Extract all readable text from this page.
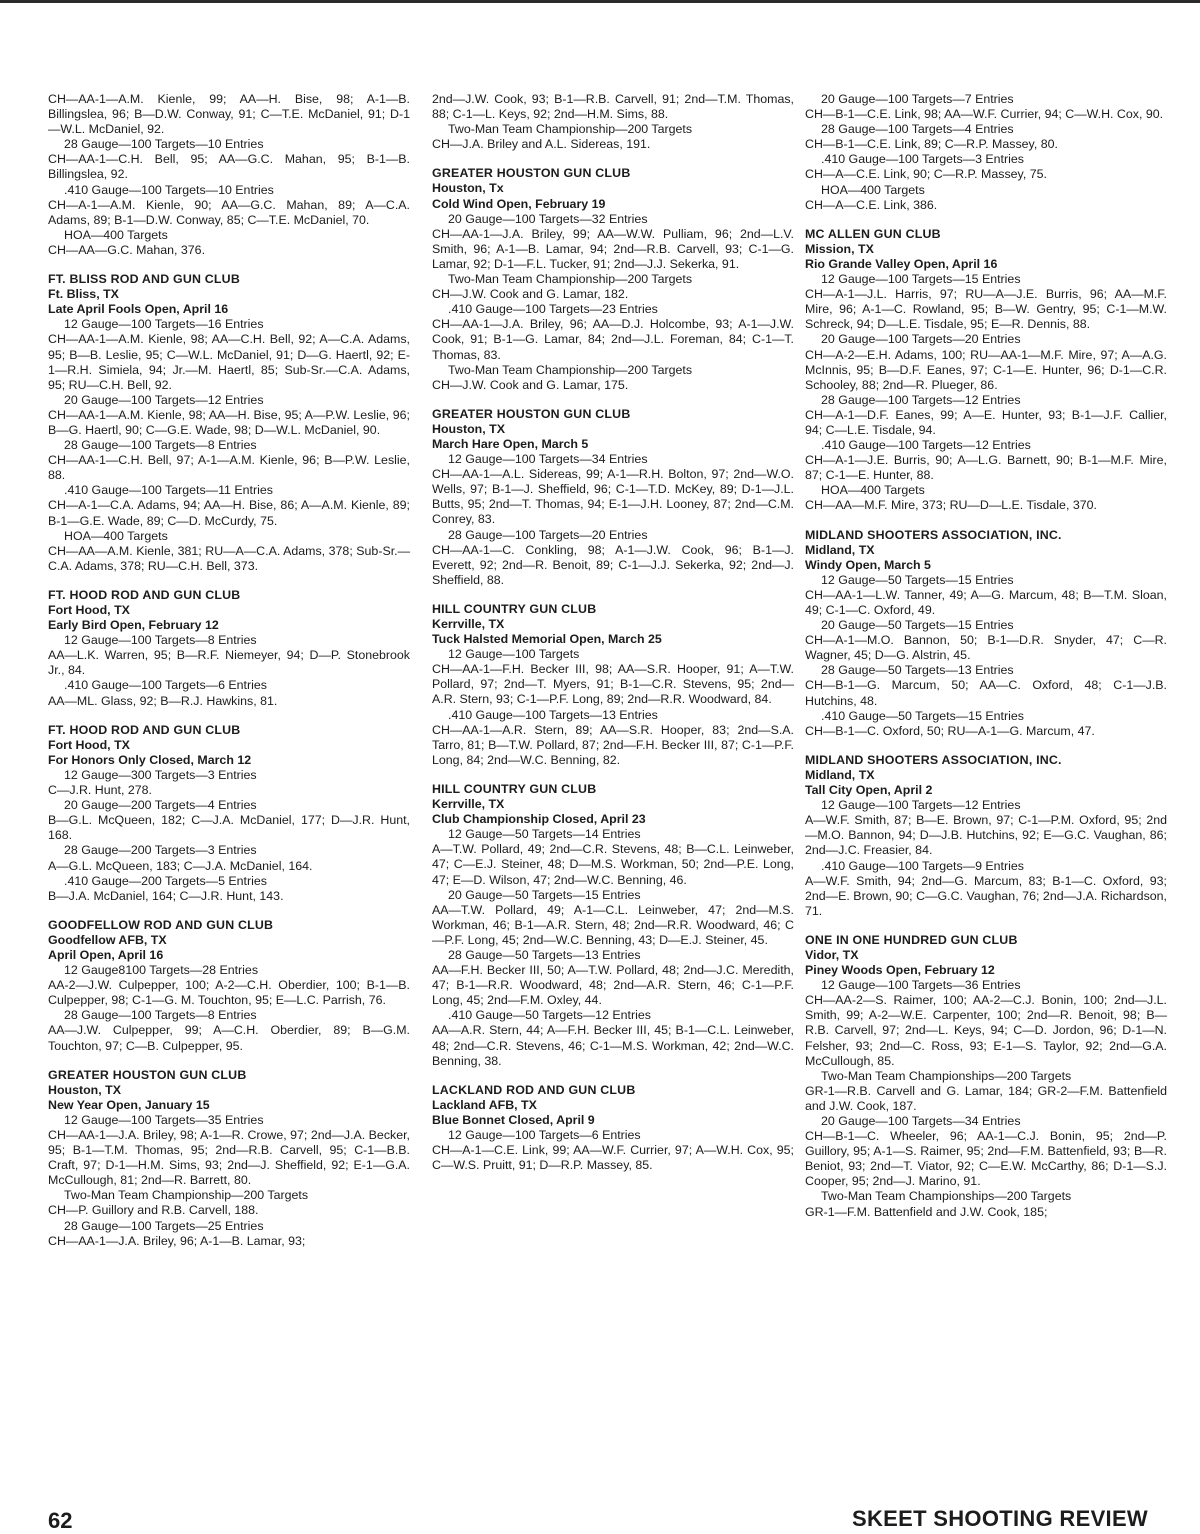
CH—AA-1—A.M. Kienle, 99; AA—H. Bise, 98; A-1—B. Billingslea, 96; B—D.W. Conway, 91; C—T.E. McDaniel, 91; D-1—W.L. McDaniel, 92.
28 Gauge—100 Targets—10 Entries
CH—AA-1—C.H. Bell, 95; AA—G.C. Mahan, 95; B-1—B. Billingslea, 92.
.410 Gauge—100 Targets—10 Entries
CH—A-1—A.M. Kienle, 90; AA—G.C. Mahan, 89; A—C.A. Adams, 89; B-1—D.W. Conway, 85; C—T.E. McDaniel, 70.
HOA—400 Targets
CH—AA—G.C. Mahan, 376.
FT. BLISS ROD AND GUN CLUB
Ft. Bliss, TX
Late April Fools Open, April 16
12 Gauge—100 Targets—16 Entries
CH—AA-1—A.M. Kienle, 98; AA—C.H. Bell, 92; A—C.A. Adams, 95; B—B. Leslie, 95; C—W.L. McDaniel, 91; D—G. Haertl, 92; E-1—R.H. Simiela, 94; Jr.—M. Haertl, 85; Sub-Sr.—C.A. Adams, 95; RU—C.H. Bell, 92.
20 Gauge—100 Targets—12 Entries
CH—AA-1—A.M. Kienle, 98; AA—H. Bise, 95; A—P.W. Leslie, 96; B—G. Haertl, 90; C—G.E. Wade, 98; D—W.L. McDaniel, 90.
28 Gauge—100 Targets—8 Entries
CH—AA-1—C.H. Bell, 97; A-1—A.M. Kienle, 96; B—P.W. Leslie, 88.
.410 Gauge—100 Targets—11 Entries
CH—A-1—C.A. Adams, 94; AA—H. Bise, 86; A—A.M. Kienle, 89; B-1—G.E. Wade, 89; C—D. McCurdy, 75.
HOA—400 Targets
CH—AA—A.M. Kienle, 381; RU—A—C.A. Adams, 378; Sub-Sr.—C.A. Adams, 378; RU—C.H. Bell, 373.
FT. HOOD ROD AND GUN CLUB
Fort Hood, TX
Early Bird Open, February 12
12 Gauge—100 Targets—8 Entries
AA—L.K. Warren, 95; B—R.F. Niemeyer, 94; D—P. Stonebrook Jr., 84.
.410 Gauge—100 Targets—6 Entries
AA—ML. Glass, 92; B—R.J. Hawkins, 81.
FT. HOOD ROD AND GUN CLUB
Fort Hood, TX
For Honors Only Closed, March 12
12 Gauge—300 Targets—3 Entries
C—J.R. Hunt, 278.
20 Gauge—200 Targets—4 Entries
B—G.L. McQueen, 182; C—J.A. McDaniel, 177; D—J.R. Hunt, 168.
28 Gauge—200 Targets—3 Entries
A—G.L. McQueen, 183; C—J.A. McDaniel, 164.
.410 Gauge—200 Targets—5 Entries
B—J.A. McDaniel, 164; C—J.R. Hunt, 143.
GOODFELLOW ROD AND GUN CLUB
Goodfellow AFB, TX
April Open, April 16
12 Gauge8100 Targets—28 Entries
AA-2—J.W. Culpepper, 100; A-2—C.H. Oberdier, 100; B-1—B. Culpepper, 98; C-1—G. M. Touchton, 95; E—L.C. Parrish, 76.
28 Gauge—100 Targets—8 Entries
AA—J.W. Culpepper, 99; A—C.H. Oberdier, 89; B—G.M. Touchton, 97; C—B. Culpepper, 95.
GREATER HOUSTON GUN CLUB
Houston, TX
New Year Open, January 15
12 Gauge—100 Targets—35 Entries
CH—AA-1—J.A. Briley, 98; A-1—R. Crowe, 97; 2nd—J.A. Becker, 95; B-1—T.M. Thomas, 95; 2nd—R.B. Carvell, 95; C-1—B.B. Craft, 97; D-1—H.M. Sims, 93; 2nd—J. Sheffield, 92; E-1—G.A. McCullough, 81; 2nd—R. Barrett, 80.
Two-Man Team Championship—200 Targets
CH—P. Guillory and R.B. Carvell, 188.
28 Gauge—100 Targets—25 Entries
CH—AA-1—J.A. Briley, 96; A-1—B. Lamar, 93;
2nd—J.W. Cook, 93; B-1—R.B. Carvell, 91; 2nd—T.M. Thomas, 88; C-1—L. Keys, 92; 2nd—H.M. Sims, 88.
Two-Man Team Championship—200 Targets
CH—J.A. Briley and A.L. Sidereas, 191.
GREATER HOUSTON GUN CLUB
Houston, Tx
Cold Wind Open, February 19
20 Gauge—100 Targets—32 Entries
CH—AA-1—J.A. Briley, 99; AA—W.W. Pulliam, 96; 2nd—L.V. Smith, 96; A-1—B. Lamar, 94; 2nd—R.B. Carvell, 93; C-1—G. Lamar, 92; D-1—F.L. Tucker, 91; 2nd—J.J. Sekerka, 91.
Two-Man Team Championship—200 Targets
CH—J.W. Cook and G. Lamar, 182.
.410 Gauge—100 Targets—23 Entries
CH—AA-1—J.A. Briley, 96; AA—D.J. Holcombe, 93; A-1—J.W. Cook, 91; B-1—G. Lamar, 84; 2nd—J.L. Foreman, 84; C-1—T. Thomas, 83.
Two-Man Team Championship—200 Targets
CH—J.W. Cook and G. Lamar, 175.
GREATER HOUSTON GUN CLUB
Houston, TX
March Hare Open, March 5
12 Gauge—100 Targets—34 Entries
CH—AA-1—A.L. Sidereas, 99; A-1—R.H. Bolton, 97; 2nd—W.O. Wells, 97; B-1—J. Sheffield, 96; C-1—T.D. McKey, 89; D-1—J.L. Butts, 95; 2nd—T. Thomas, 94; E-1—J.H. Looney, 87; 2nd—C.M. Conrey, 83.
28 Gauge—100 Targets—20 Entries
CH—AA-1—C. Conkling, 98; A-1—J.W. Cook, 96; B-1—J. Everett, 92; 2nd—R. Benoit, 89; C-1—J.J. Sekerka, 92; 2nd—J. Sheffield, 88.
HILL COUNTRY GUN CLUB
Kerrville, TX
Tuck Halsted Memorial Open, March 25
12 Gauge—100 Targets
CH—AA-1—F.H. Becker III, 98; AA—S.R. Hooper, 91; A—T.W. Pollard, 97; 2nd—T. Myers, 91; B-1—C.R. Stevens, 95; 2nd—A.R. Stern, 93; C-1—P.F. Long, 89; 2nd—R.R. Woodward, 84.
.410 Gauge—100 Targets—13 Entries
CH—AA-1—A.R. Stern, 89; AA—S.R. Hooper, 83; 2nd—S.A. Tarro, 81; B—T.W. Pollard, 87; 2nd—F.H. Becker III, 87; C-1—P.F. Long, 84; 2nd—W.C. Benning, 82.
HILL COUNTRY GUN CLUB
Kerrville, TX
Club Championship Closed, April 23
12 Gauge—50 Targets—14 Entries
A—T.W. Pollard, 49; 2nd—C.R. Stevens, 48; B—C.L. Leinweber, 47; C—E.J. Steiner, 48; D—M.S. Workman, 50; 2nd—P.E. Long, 47; E—D. Wilson, 47; 2nd—W.C. Benning, 46.
20 Gauge—50 Targets—15 Entries
AA—T.W. Pollard, 49; A-1—C.L. Leinweber, 47; 2nd—M.S. Workman, 46; B-1—A.R. Stern, 48; 2nd—R.R. Woodward, 46; C—P.F. Long, 45; 2nd—W.C. Benning, 43; D—E.J. Steiner, 45.
28 Gauge—50 Targets—13 Entries
AA—F.H. Becker III, 50; A—T.W. Pollard, 48; 2nd—J.C. Meredith, 47; B-1—R.R. Woodward, 48; 2nd—A.R. Stern, 46; C-1—P.F. Long, 45; 2nd—F.M. Oxley, 44.
.410 Gauge—50 Targets—12 Entries
AA—A.R. Stern, 44; A—F.H. Becker III, 45; B-1—C.L. Leinweber, 48; 2nd—C.R. Stevens, 46; C-1—M.S. Workman, 42; 2nd—W.C. Benning, 38.
LACKLAND ROD AND GUN CLUB
Lackland AFB, TX
Blue Bonnet Closed, April 9
12 Gauge—100 Targets—6 Entries
CH—A-1—C.E. Link, 99; AA—W.F. Currier, 97; A—W.H. Cox, 95; C—W.S. Pruitt, 91; D—R.P. Massey, 85.
20 Gauge—100 Targets—7 Entries
CH—B-1—C.E. Link, 98; AA—W.F. Currier, 94; C—W.H. Cox, 90.
28 Gauge—100 Targets—4 Entries
CH—B-1—C.E. Link, 89; C—R.P. Massey, 80.
.410 Gauge—100 Targets—3 Entries
CH—A—C.E. Link, 90; C—R.P. Massey, 75.
HOA—400 Targets
CH—A—C.E. Link, 386.
MC ALLEN GUN CLUB
Mission, TX
Rio Grande Valley Open, April 16
12 Gauge—100 Targets—15 Entries
CH—A-1—J.L. Harris, 97; RU—A—J.E. Burris, 96; AA—M.F. Mire, 96; A-1—C. Rowland, 95; B—W. Gentry, 95; C-1—M.W. Schreck, 94; D—L.E. Tisdale, 95; E—R. Dennis, 88.
20 Gauge—100 Targets—20 Entries
CH—A-2—E.H. Adams, 100; RU—AA-1—M.F. Mire, 97; A—A.G. McInnis, 95; B—D.F. Eanes, 97; C-1—E. Hunter, 96; D-1—C.R. Schooley, 88; 2nd—R. Plueger, 86.
28 Gauge—100 Targets—12 Entries
CH—A-1—D.F. Eanes, 99; A—E. Hunter, 93; B-1—J.F. Callier, 94; C—L.E. Tisdale, 94.
.410 Gauge—100 Targets—12 Entries
CH—A-1—J.E. Burris, 90; A—L.G. Barnett, 90; B-1—M.F. Mire, 87; C-1—E. Hunter, 88.
HOA—400 Targets
CH—AA—M.F. Mire, 373; RU—D—L.E. Tisdale, 370.
MIDLAND SHOOTERS ASSOCIATION, INC.
Midland, TX
Windy Open, March 5
12 Gauge—50 Targets—15 Entries
CH—AA-1—L.W. Tanner, 49; A—G. Marcum, 48; B—T.M. Sloan, 49; C-1—C. Oxford, 49.
20 Gauge—50 Targets—15 Entries
CH—A-1—M.O. Bannon, 50; B-1—D.R. Snyder, 47; C—R. Wagner, 45; D—G. Alstrin, 45.
28 Gauge—50 Targets—13 Entries
CH—B-1—G. Marcum, 50; AA—C. Oxford, 48; C-1—J.B. Hutchins, 48.
.410 Gauge—50 Targets—15 Entries
CH—B-1—C. Oxford, 50; RU—A-1—G. Marcum, 47.
MIDLAND SHOOTERS ASSOCIATION, INC.
Midland, TX
Tall City Open, April 2
12 Gauge—100 Targets—12 Entries
A—W.F. Smith, 87; B—E. Brown, 97; C-1—P.M. Oxford, 95; 2nd—M.O. Bannon, 94; D—J.B. Hutchins, 92; E—G.C. Vaughan, 86; 2nd—J.C. Freasier, 84.
.410 Gauge—100 Targets—9 Entries
A—W.F. Smith, 94; 2nd—G. Marcum, 83; B-1—C. Oxford, 93; 2nd—E. Brown, 90; C—G.C. Vaughan, 76; 2nd—J.A. Richardson, 71.
ONE IN ONE HUNDRED GUN CLUB
Vidor, TX
Piney Woods Open, February 12
12 Gauge—100 Targets—36 Entries
CH—AA-2—S. Raimer, 100; AA-2—C.J. Bonin, 100; 2nd—J.L. Smith, 99; A-2—W.E. Carpenter, 100; 2nd—R. Benoit, 98; B—R.B. Carvell, 97; 2nd—L. Keys, 94; C—D. Jordon, 96; D-1—N. Felsher, 93; 2nd—C. Ross, 93; E-1—S. Taylor, 92; 2nd—G.A. McCullough, 85.
Two-Man Team Championships—200 Targets
GR-1—R.B. Carvell and G. Lamar, 184; GR-2—F.M. Battenfield and J.W. Cook, 187.
20 Gauge—100 Targets—34 Entries
CH—B-1—C. Wheeler, 96; AA-1—C.J. Bonin, 95; 2nd—P. Guillory, 95; A-1—S. Raimer, 95; 2nd—F.M. Battenfield, 93; B—R. Beniot, 93; 2nd—T. Viator, 92; C—E.W. McCarthy, 86; D-1—S.J. Cooper, 95; 2nd—J. Marino, 91.
Two-Man Team Championships—200 Targets
GR-1—F.M. Battenfield and J.W. Cook, 185;
62	SKEET SHOOTING REVIEW
